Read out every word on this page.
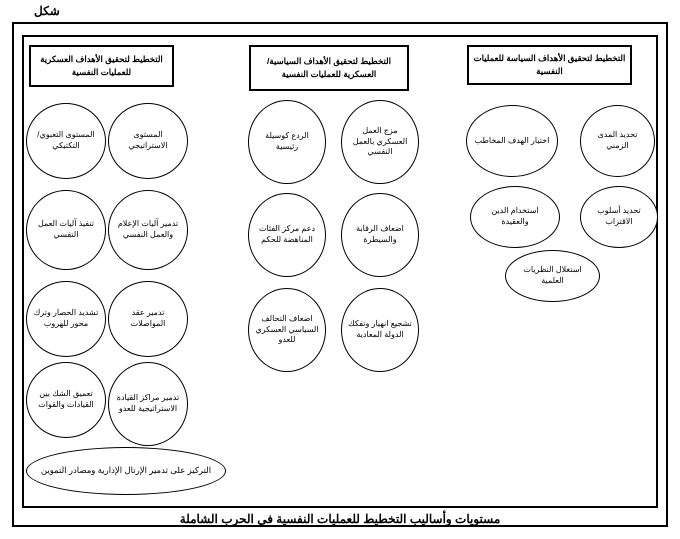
شكل
التخطيط لتحقيق الأهداف السياسة للعمليات النفسية
تحديد المدى الزمني
اختيار الهدف المخاطب
تحديد أسلوب الاقتراب
استخدام الدين والعقيدة
استغلال النظريات العلمية
التخطيط لتحقيق الأهداف السياسية/ العسكرية للعمليات النفسية
مزج العمل العسكري بالعمل النفسي
الردع كوسيلة رئيسية
اضعاف الرقابة والسيطرة
دعم مركز الفئات المناهضة للحكم
تشجيع انهيار وتفكك الدولة المعادية
اضعاف التحالف السياسي العسكري للعدو
التخطيط لتحقيق الأهداف العسكرية للعمليات النفسية
المستوى الاستراتيجي
المستوى التعبوي/ التكتيكي
تدمير آليات الإعلام والعمل النفسي
تنفيذ آليات العمل النفسي
تدمير عقد المواصلات
تشديد الحصار وترك محور للهروب
تدمير مراكز القيادة الاستراتيجية للعدو
تعميق الشك بين القيادات والقوات
التركيز على تدمير الإرتال الإدارية ومصادر التموين
مستويات وأساليب التخطيط للعمليات النفسية في الحرب الشاملة
